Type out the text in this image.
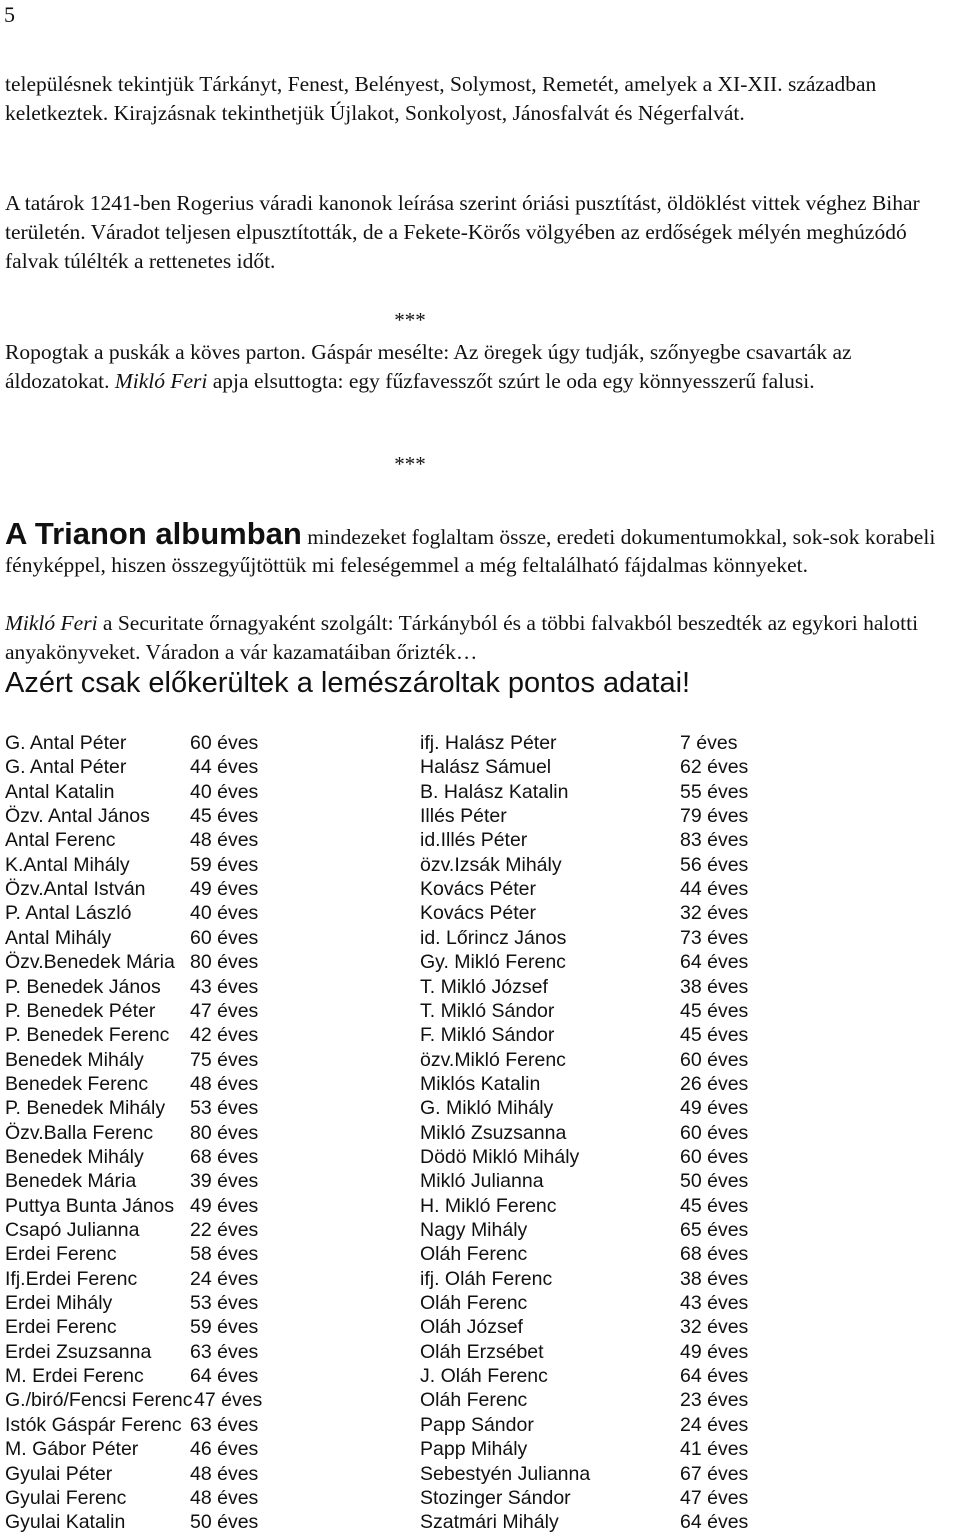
5

településnek tekintjük Tárkányt, Fenest, Belényest, Solymost, Remetét, amelyek a XI-XII. században keletkeztek. Kirajzásnak tekinthetjük Újlakot, Sonkolyost, Jánosfalvát és Négerfalvát.

A tatárok 1241-ben Rogerius váradi kanonok leírása szerint óriási pusztítást, öldöklést vittek véghez Bihar területén. Váradot teljesen elpusztították, de a Fekete-Körős völgyében az erdőségek mélyén meghúzódó falvak túlélték a rettenetes időt.

***

Ropogtak a puskák a köves parton. Gáspár mesélte: Az öregek úgy tudják, szőnyegbe csavarták az áldozatokat. Mikló Feri apja elsuttogta: egy fűzfavesszőt szúrt le oda egy könnyesszerű falusi.

***

A Trianon albumban mindezeket foglaltam össze, eredeti dokumentumokkal, sok-sok korabeli fényképpel, hiszen összegyűjtöttük mi feleségemmel a még feltalálható fájdalmas könnyeket.

Mikló Feri a Securitate őrnagyaként szolgált: Tárkányból és a többi falvakból beszedték az egykori halotti anyakönyveket. Váradon a vár kazamatáiban őrizték…

Azért csak előkerültek a lemészároltak pontos adatai!
G. Antal Péter	60 éves
G. Antal Péter	44 éves
Antal Katalin	40 éves
Özv. Antal János 45 éves
Antal Ferenc	48 éves
K.Antal Mihály	59 éves
Özv.Antal István 49 éves
P. Antal László	40 éves
Antal Mihály	60 éves
Özv.Benedek Mária 80 éves
P. Benedek János 43 éves
P. Benedek Péter 47 éves
P. Benedek Ferenc 42 éves
Benedek Mihály 75 éves
Benedek Ferenc 48 éves
P. Benedek Mihály 53 éves
Özv.Balla Ferenc 80 éves
Benedek Mihály 68 éves
Benedek Mária	39 éves
Puttya Bunta János 49 éves
Csapó Julianna	22 éves
Erdei Ferenc	58 éves
Ifj.Erdei Ferenc	24 éves
Erdei Mihály	53 éves
Erdei Ferenc	59 éves
Erdei Zsuzsanna 63 éves
M. Erdei Ferenc 64 éves
G./biró/Fencsi Ferenc 47 éves
Istók Gáspár Ferenc 63 éves
M. Gábor Péter	46 éves
Gyulai Péter	48 éves
Gyulai Ferenc	48 éves
Gyulai Katalin	50 éves
ifj. Halász Péter	7 éves
Halász Sámuel	62 éves
B. Halász Katalin	55 éves
Illés Péter	79 éves
id.Illés Péter	83 éves
özv.Izsák Mihály	56 éves
Kovács Péter	44 éves
Kovács Péter	32 éves
id. Lőrincz János	73 éves
Gy. Mikló Ferenc	64 éves
T. Mikló József	38 éves
T. Mikló Sándor	45 éves
F. Mikló Sándor	45 éves
özv.Mikló Ferenc	60 éves
Miklós Katalin	26 éves
G. Mikló Mihály	49 éves
Mikló Zsuzsanna	60 éves
Dödö Mikló Mihály	60 éves
Mikló Julianna	50 éves
H. Mikló Ferenc	45 éves
Nagy Mihály	65 éves
Oláh Ferenc	68 éves
ifj. Oláh Ferenc	38 éves
Oláh Ferenc	43 éves
Oláh József	32 éves
Oláh Erzsébet	49 éves
J. Oláh Ferenc	64 éves
Oláh Ferenc	23 éves
Papp Sándor	24 éves
Papp Mihály	41 éves
Sebestyén Julianna	67 éves
Stozinger Sándor	47 éves
Szatmári Mihály	64 éves
